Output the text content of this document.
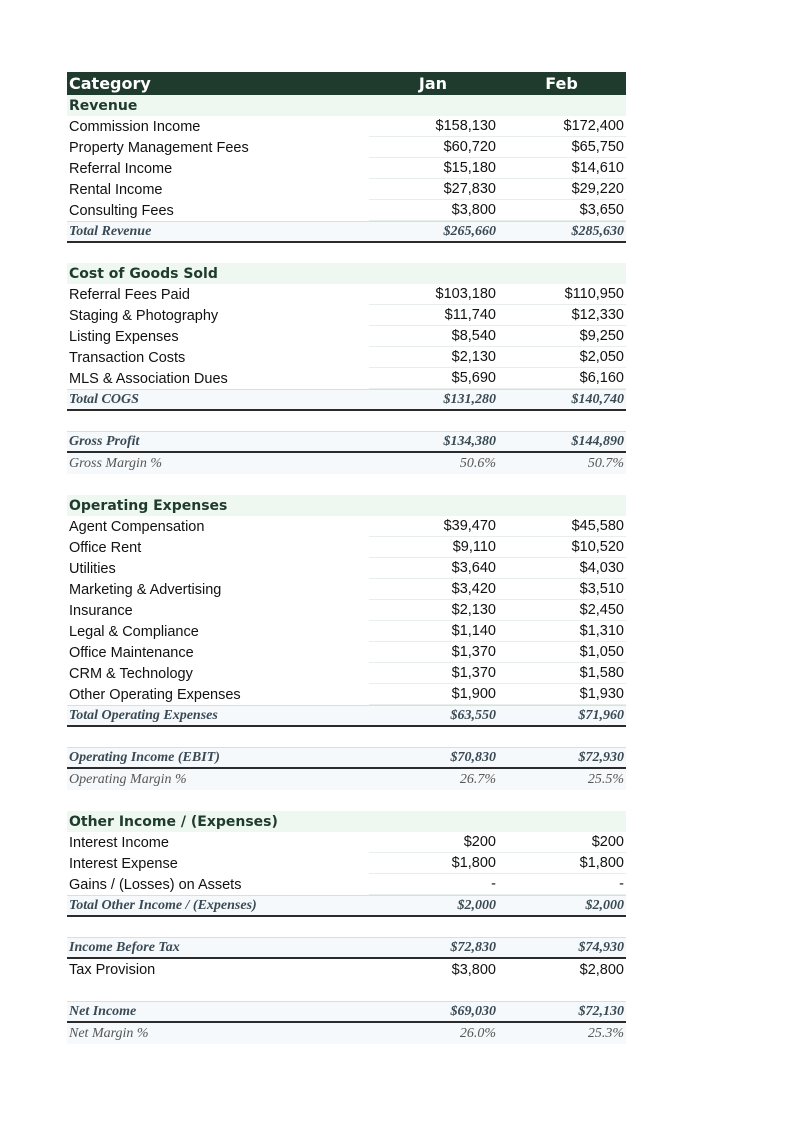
Category	Jan	Feb
Revenue
Commission Income	$158,130	$172,400
Property Management Fees	$60,720	$65,750
Referral Income	$15,180	$14,610
Rental Income	$27,830	$29,220
Consulting Fees	$3,800	$3,650
Total Revenue	$265,660	$285,630
Cost of Goods Sold
Referral Fees Paid	$103,180	$110,950
Staging & Photography	$11,740	$12,330
Listing Expenses	$8,540	$9,250
Transaction Costs	$2,130	$2,050
MLS & Association Dues	$5,690	$6,160
Total COGS	$131,280	$140,740
Gross Profit	$134,380	$144,890
Gross Margin %	50.6%	50.7%
Operating Expenses
Agent Compensation	$39,470	$45,580
Office Rent	$9,110	$10,520
Utilities	$3,640	$4,030
Marketing & Advertising	$3,420	$3,510
Insurance	$2,130	$2,450
Legal & Compliance	$1,140	$1,310
Office Maintenance	$1,370	$1,050
CRM & Technology	$1,370	$1,580
Other Operating Expenses	$1,900	$1,930
Total Operating Expenses	$63,550	$71,960
Operating Income (EBIT)	$70,830	$72,930
Operating Margin %	26.7%	25.5%
Other Income / (Expenses)
Interest Income	$200	$200
Interest Expense	$1,800	$1,800
Gains / (Losses) on Assets	-	-
Total Other Income / (Expenses)	$2,000	$2,000
Income Before Tax	$72,830	$74,930
Tax Provision	$3,800	$2,800
Net Income	$69,030	$72,130
Net Margin %	26.0%	25.3%
